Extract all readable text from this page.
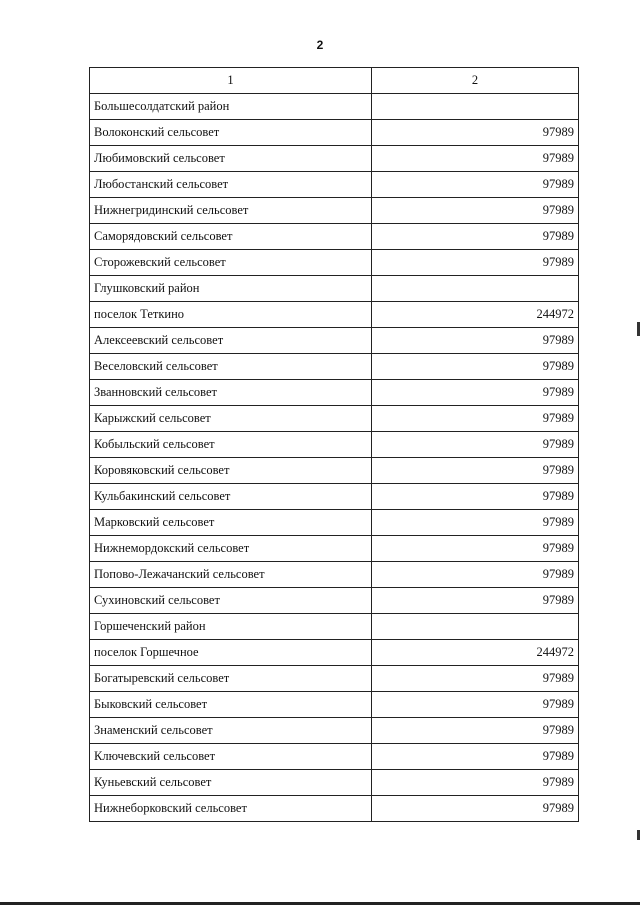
2
1	2
Большесолдатский район	
Волоконский сельсовет	97989
Любимовский сельсовет	97989
Любостанский сельсовет	97989
Нижнегридинский сельсовет	97989
Саморядовский сельсовет	97989
Сторожевский сельсовет	97989
Глушковский район	
поселок Теткино	244972
Алексеевский сельсовет	97989
Веселовский сельсовет	97989
Званновский сельсовет	97989
Карыжский сельсовет	97989
Кобыльский сельсовет	97989
Коровяковский сельсовет	97989
Кульбакинский сельсовет	97989
Марковский сельсовет	97989
Нижнемордокский сельсовет	97989
Попово-Лежачанский сельсовет	97989
Сухиновский сельсовет	97989
Горшеченский район	
поселок Горшечное	244972
Богатыревский сельсовет	97989
Быковский сельсовет	97989
Знаменский сельсовет	97989
Ключевский сельсовет	97989
Куньевский сельсовет	97989
Нижнеборковский сельсовет	97989
